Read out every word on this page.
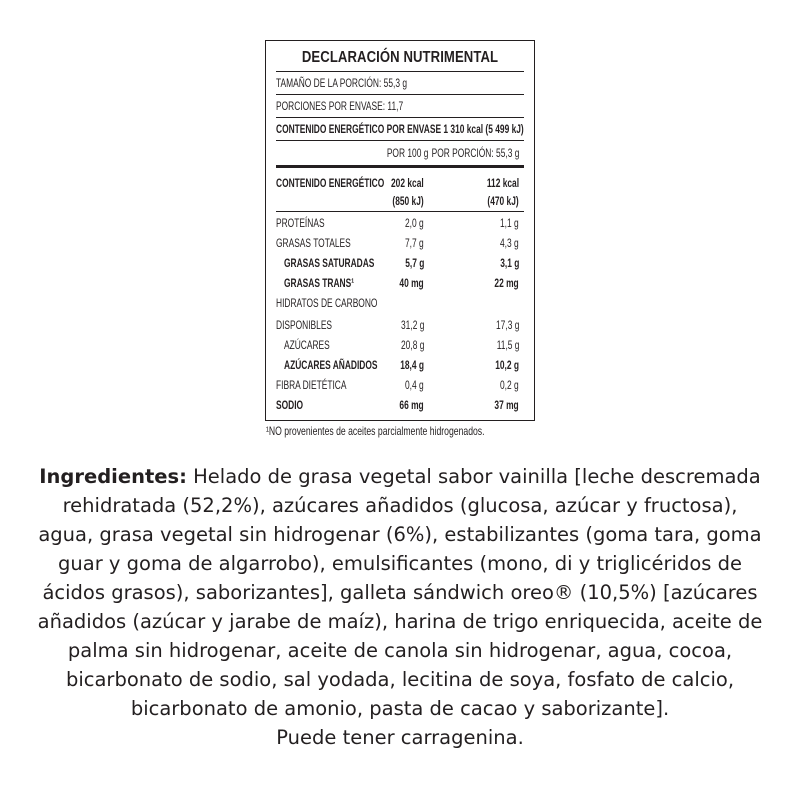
DECLARACIÓN NUTRIMENTAL
TAMAÑO DE LA PORCIÓN: 55,3 g
PORCIONES POR ENVASE: 11,7
CONTENIDO ENERGÉTICO POR ENVASE 1 310 kcal (5 499 kJ)
POR 100 g POR PORCIÓN: 55,3 g
CONTENIDO ENERGÉTICO 202 kcal	112 kcal
(850 kJ)	(470 kJ)
PROTEÍNAS	2,0 g	1,1 g
GRASAS TOTALES	7,7 g	4,3 g
GRASAS SATURADAS	5,7 g	3,1 g
GRASAS TRANS¹	40 mg	22 mg
HIDRATOS DE CARBONO
DISPONIBLES	31,2 g	17,3 g
AZÚCARES	20,8 g	11,5 g
AZÚCARES AÑADIDOS 18,4 g	10,2 g
FIBRA DIETÉTICA	0,4 g	0,2 g
SODIO	66 mg	37 mg
¹NO provenientes de aceites parcialmente hidrogenados.
Ingredientes: Helado de grasa vegetal sabor vainilla [leche descremada
rehidratada (52,2%), azúcares añadidos (glucosa, azúcar y fructosa),
agua, grasa vegetal sin hidrogenar (6%), estabilizantes (goma tara, goma
guar y goma de algarrobo), emulsificantes (mono, di y triglicéridos de
ácidos grasos), saborizantes], galleta sándwich oreo® (10,5%) [azúcares
añadidos (azúcar y jarabe de maíz), harina de trigo enriquecida, aceite de
palma sin hidrogenar, aceite de canola sin hidrogenar, agua, cocoa,
bicarbonato de sodio, sal yodada, lecitina de soya, fosfato de calcio,
bicarbonato de amonio, pasta de cacao y saborizante].
Puede tener carragenina.
